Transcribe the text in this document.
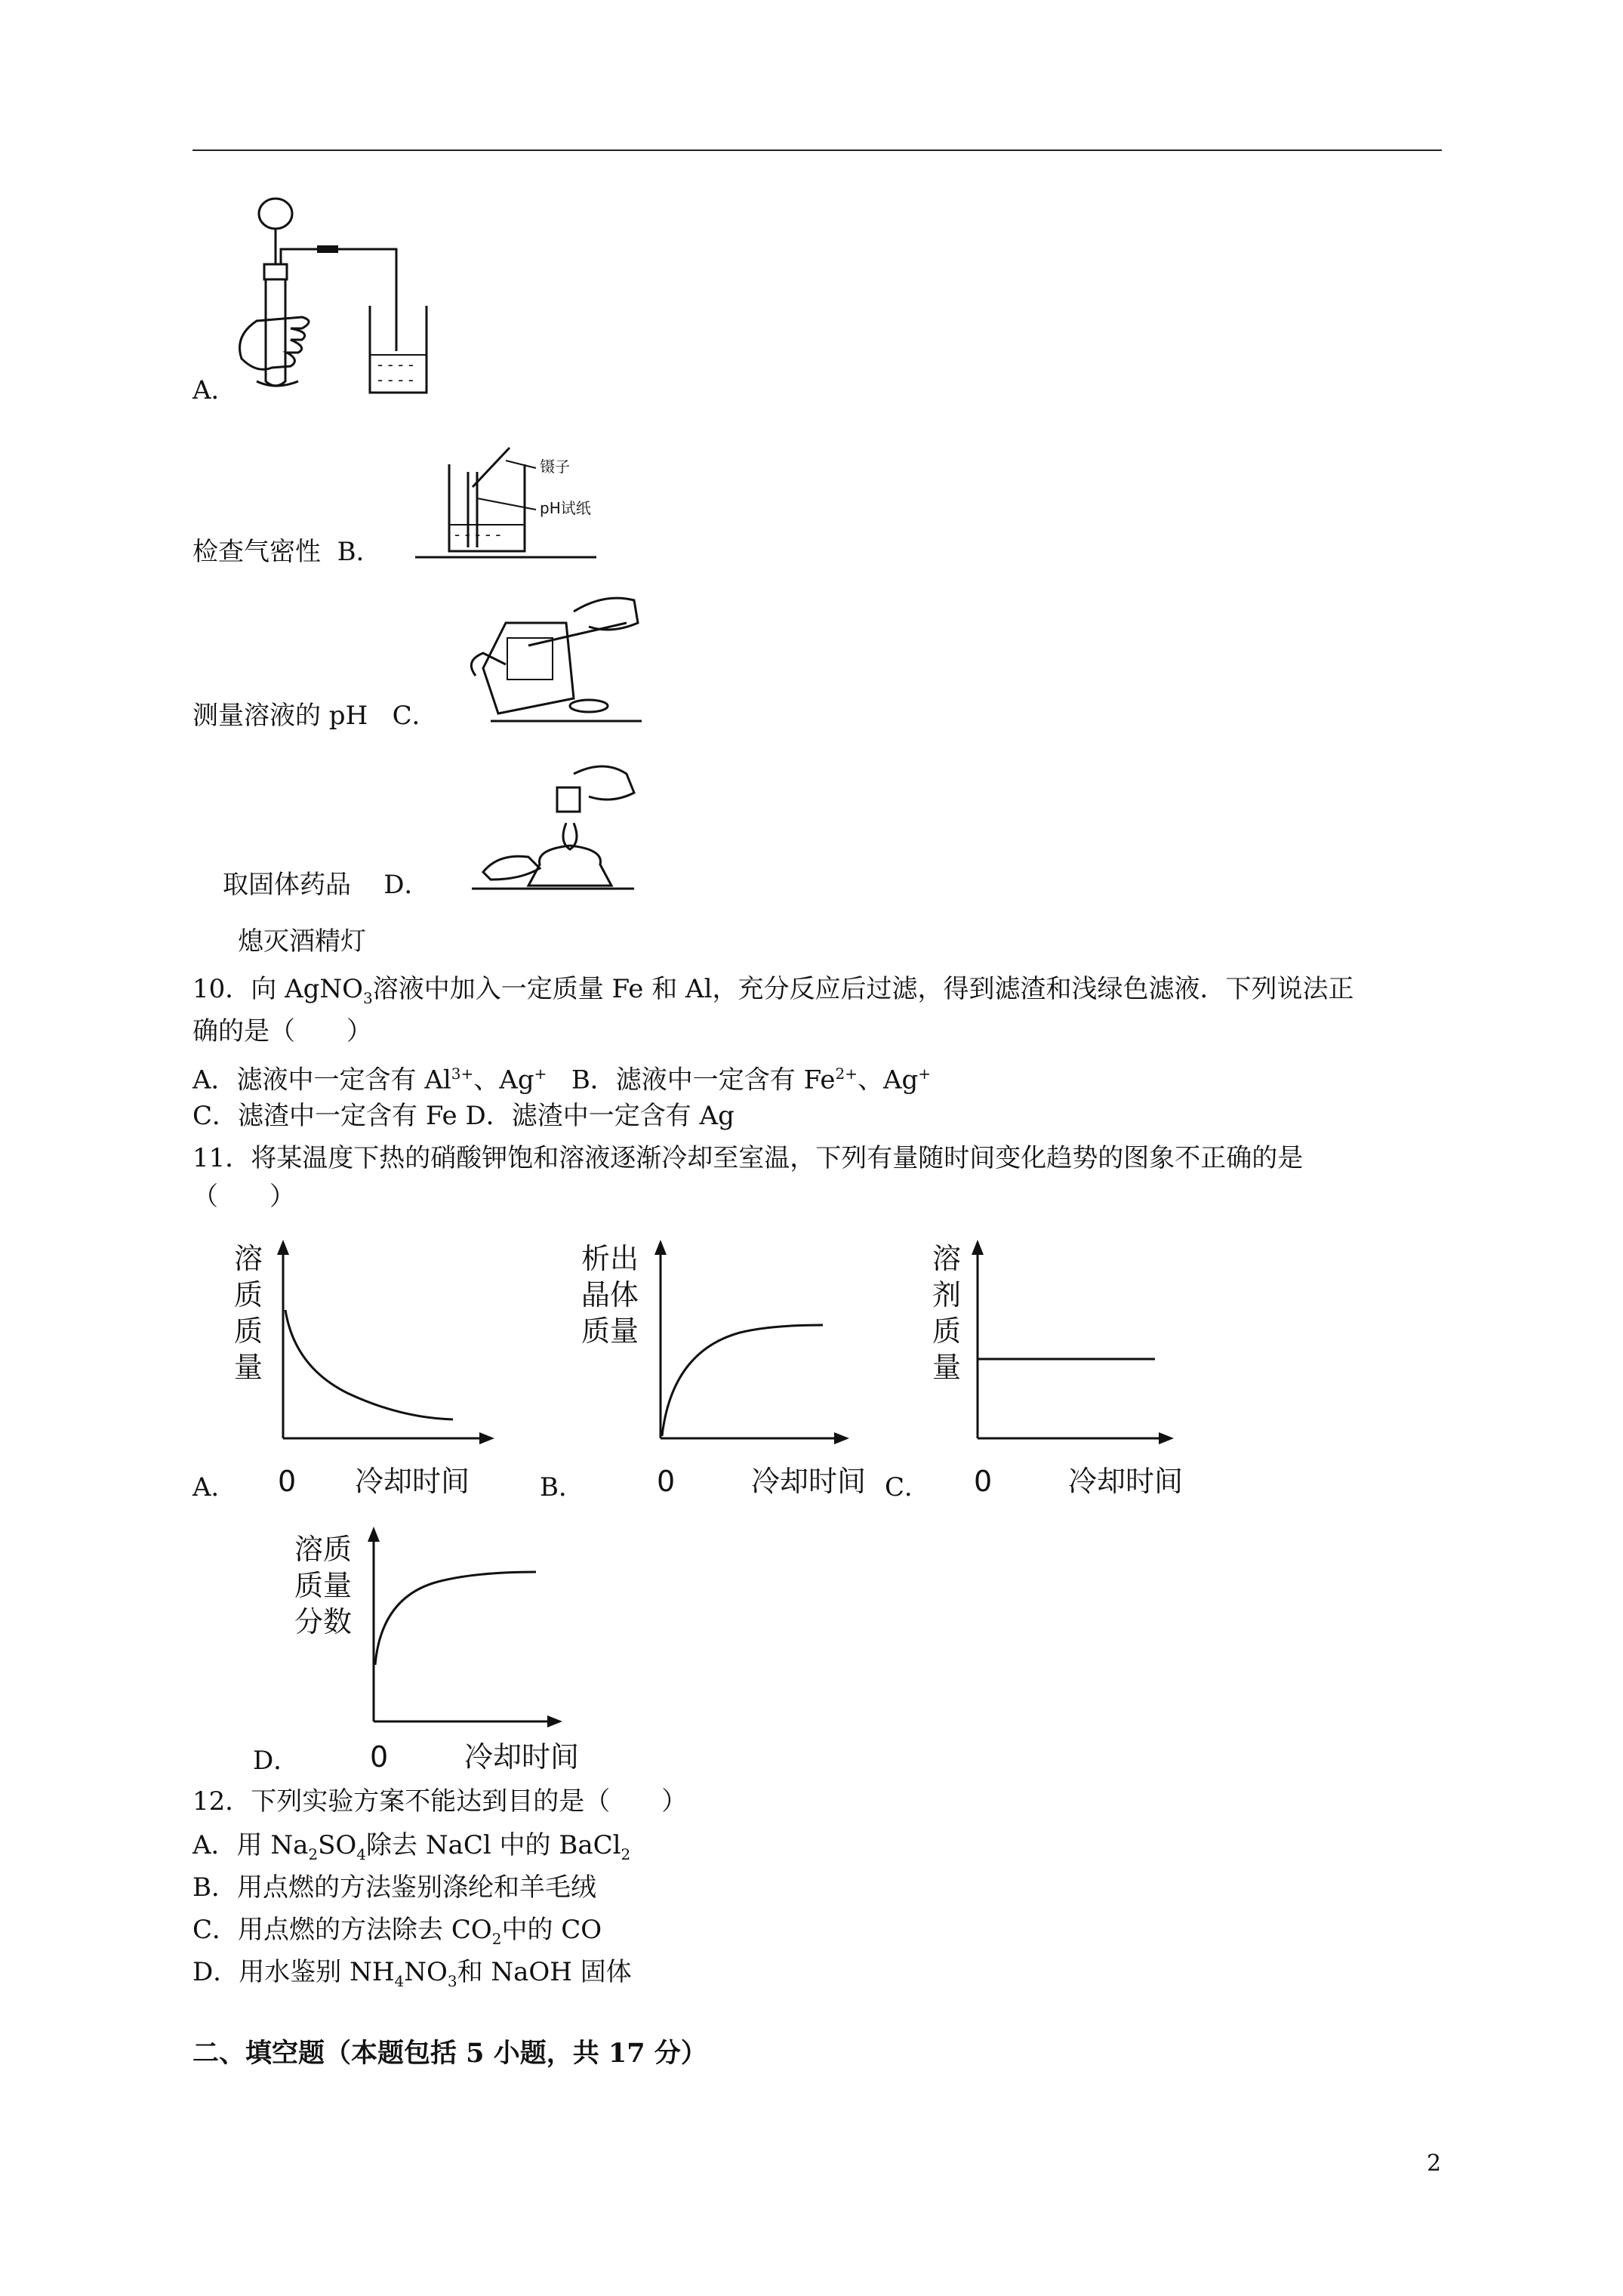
- - - -
- - - -
A．
- - - - -
镊子
pH试纸
检查气密性 B．
测量溶液的 pH C．
取固体药品 D．
熄灭酒精灯
10．向 AgNO$_3$溶液中加入一定质量 Fe 和 Al，充分反应后过滤，得到滤渣和浅绿色滤液．下列说法正
确的是（　　）
A．滤液中一定含有 $Al^{3+}$、Ag+ B．滤液中一定含有 $Fe^{2+}$、Ag+
C．滤渣中一定含有 Fe D．滤渣中一定含有 Ag
11．将某温度下热的硝酸钾饱和溶液逐渐冷却至室温，下列有量随时间变化趋势的图象不正确的是
（　　）
溶
质
质
量
0 冷却时间
A．
析出
晶体
质量
0	冷却时间
B．
溶
剂
质
量
0	冷却时间
C．
溶质
质量
分数
0	冷却时间
D．
12．下列实验方案不能达到目的是（　　）
A．用 $Na_2SO_4$除去 NaCl 中的 BaCl$_2$
B．用点燃的方法鉴别涤纶和羊毛绒
C．用点燃的方法除去 $CO_2$中的 CO
D．用水鉴别 $NH_4NO_3$和 NaOH 固体
二、填空题（本题包括 5 小题，共 17 分）
2
